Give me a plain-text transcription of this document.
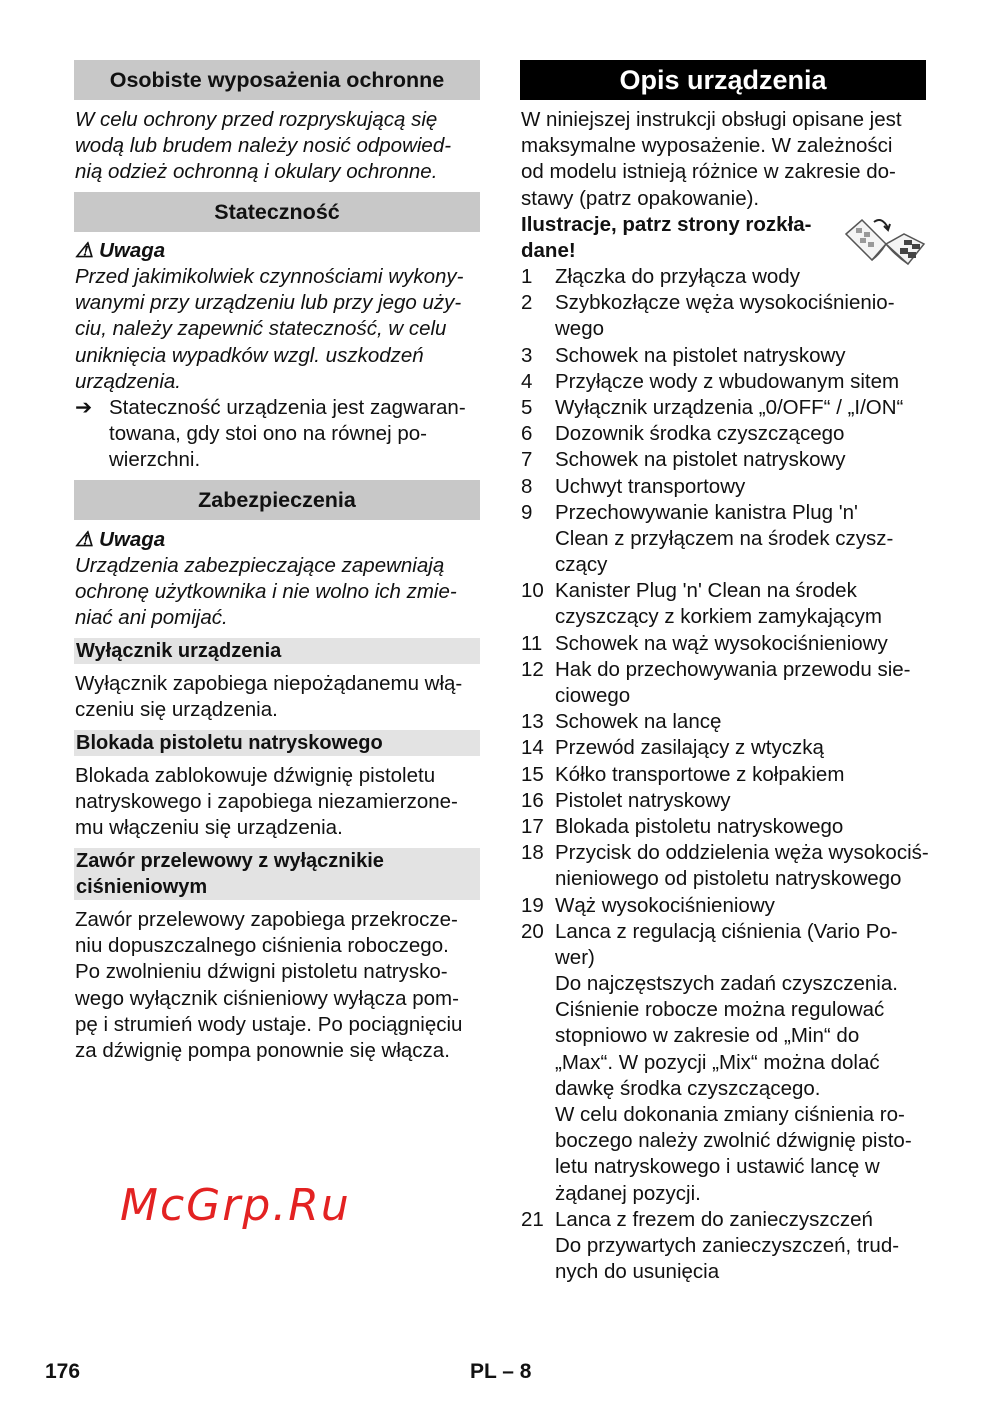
Osobiste wyposażenia ochronne
W celu ochrony przed rozpryskującą się
wodą lub brudem należy nosić odpowied-
nią odzież ochronną i okulary ochronne.
Stateczność
⚠ Uwaga
Przed jakimikolwiek czynnościami wykony-
wanymi przy urządzeniu lub przy jego uży-
ciu, należy zapewnić stateczność, w celu
uniknięcia wypadków wzgl. uszkodzeń
urządzenia.
➔ Stateczność urządzenia jest zagwaran-
towana, gdy stoi ono na równej po-
wierzchni.
Zabezpieczenia
⚠ Uwaga
Urządzenia zabezpieczające zapewniają
ochronę użytkownika i nie wolno ich zmie-
niać ani pomijać.
Wyłącznik urządzenia
Wyłącznik zapobiega niepożądanemu włą-
czeniu się urządzenia.
Blokada pistoletu natryskowego
Blokada zablokowuje dźwignię pistoletu
natryskowego i zapobiega niezamierzone-
mu włączeniu się urządzenia.
Zawór przelewowy z wyłącznikie
ciśnieniowym
Zawór przelewowy zapobiega przekrocze-
niu dopuszczalnego ciśnienia roboczego.
Po zwolnieniu dźwigni pistoletu natrysko-
wego wyłącznik ciśnieniowy wyłącza pom-
pę i strumień wody ustaje. Po pociągnięciu
za dźwignię pompa ponownie się włącza.
Opis urządzenia
W niniejszej instrukcji obsługi opisane jest
maksymalne wyposażenie. W zależności
od modelu istnieją różnice w zakresie do-
stawy (patrz opakowanie).
Ilustracje, patrz strony rozkła-
dane!
1	Złączka do przyłącza wody
2	Szybkozłącze węża wysokociśnienio-
wego
3	Schowek na pistolet natryskowy
4	Przyłącze wody z wbudowanym sitem
5	Wyłącznik urządzenia „0/OFF“ / „I/ON“
6	Dozownik środka czyszczącego
7	Schowek na pistolet natryskowy
8	Uchwyt transportowy
9	Przechowywanie kanistra Plug 'n'
Clean z przyłączem na środek czysz-
czący
10 Kanister Plug 'n' Clean na środek
czyszczący z korkiem zamykającym
11 Schowek na wąż wysokociśnieniowy
12 Hak do przechowywania przewodu sie-
ciowego
13 Schowek na lancę
14 Przewód zasilający z wtyczką
15 Kółko transportowe z kołpakiem
16 Pistolet natryskowy
17 Blokada pistoletu natryskowego
18 Przycisk do oddzielenia węża wysokociś-
nieniowego od pistoletu natryskowego
19 Wąż wysokociśnieniowy
20 Lanca z regulacją ciśnienia (Vario Po-
wer)
Do najczęstszych zadań czyszczenia.
Ciśnienie robocze można regulować
stopniowo w zakresie od „Min“ do
„Max“. W pozycji „Mix“ można dolać
dawkę środka czyszczącego.
W celu dokonania zmiany ciśnienia ro-
boczego należy zwolnić dźwignię pisto-
letu natryskowego i ustawić lancę w
żądanej pozycji.
21 Lanca z frezem do zanieczyszczeń
Do przywartych zanieczyszczeń, trud-
nych do usunięcia
176	PL – 8
McGrp.Ru
